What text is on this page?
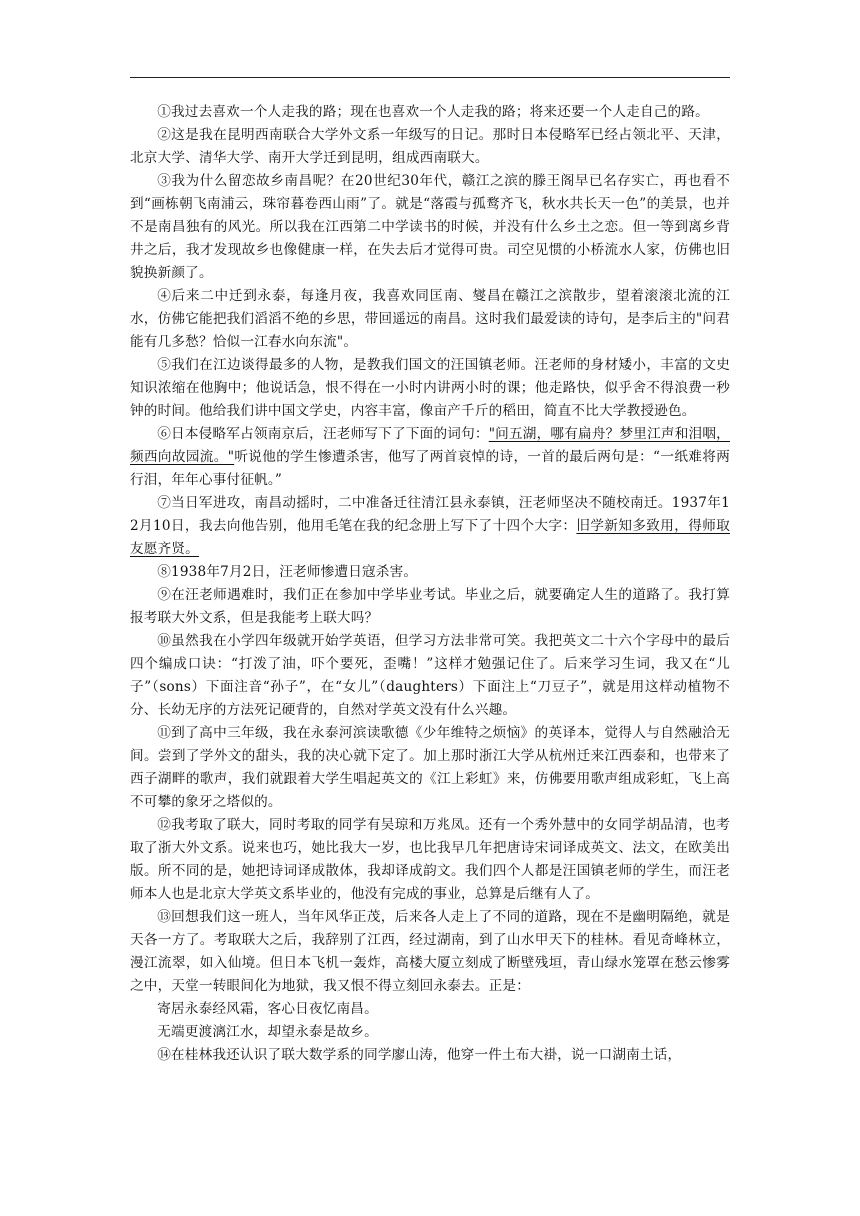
①我过去喜欢一个人走我的路；现在也喜欢一个人走我的路；将来还要一个人走自己的路。

②这是我在昆明西南联合大学外文系一年级写的日记。那时日本侵略军已经占领北平、天津，北京大学、清华大学、南开大学迁到昆明，组成西南联大。

③我为什么留恋故乡南昌呢？在20世纪30年代，赣江之滨的滕王阁早已名存实亡，再也看不到“画栋朝飞南浦云，珠帘暮卷西山雨”了。就是“落霞与孤鹜齐飞，秋水共长天一色”的美景，也并不是南昌独有的风光。所以我在江西第二中学读书的时候，并没有什么乡土之恋。但一等到离乡背井之后，我才发现故乡也像健康一样，在失去后才觉得可贵。司空见惯的小桥流水人家，仿佛也旧貌换新颜了。

④后来二中迁到永泰，每逢月夜，我喜欢同匡南、燮昌在赣江之滨散步，望着滚滚北流的江水，仿佛它能把我们滔滔不绝的乡思，带回遥远的南昌。这时我们最爱读的诗句，是李后主的"问君能有几多愁？恰似一江春水向东流"。

⑤我们在江边谈得最多的人物，是教我们国文的汪国镇老师。汪老师的身材矮小，丰富的文史知识浓缩在他胸中；他说话急，恨不得在一小时内讲两小时的课；他走路快，似乎舍不得浪费一秒钟的时间。他给我们讲中国文学史，内容丰富，像亩产千斤的稻田，简直不比大学教授逊色。

⑥日本侵略军占领南京后，汪老师写下了下面的词句："问五湖，哪有扁舟？梦里江声和泪咽，频西向故园流。"听说他的学生惨遭杀害，他写了两首哀悼的诗，一首的最后两句是：“一纸难将两行泪，年年心事付征帆。”

⑦当日军进攻，南昌动摇时，二中准备迁往清江县永泰镇，汪老师坚决不随校南迁。1937年12月10日，我去向他告别，他用毛笔在我的纪念册上写下了十四个大字：旧学新知多致用，得师取友愿齐贤。

⑧1938年7月2日，汪老师惨遭日寇杀害。

⑨在汪老师遇难时，我们正在参加中学毕业考试。毕业之后，就要确定人生的道路了。我打算报考联大外文系，但是我能考上联大吗？

⑩虽然我在小学四年级就开始学英语，但学习方法非常可笑。我把英文二十六个字母中的最后四个编成口诀：“打泼了油，吓个要死，歪嘴！”这样才勉强记住了。后来学习生词，我又在“儿子”（sons）下面注音“孙子”，在“女儿”（daughters）下面注上“刀豆子”，就是用这样动植物不分、长幼无序的方法死记硬背的，自然对学英文没有什么兴趣。

⑪到了高中三年级，我在永泰河滨读歌德《少年维特之烦恼》的英译本，觉得人与自然融洽无间。尝到了学外文的甜头，我的决心就下定了。加上那时浙江大学从杭州迁来江西泰和，也带来了西子湖畔的歌声，我们就跟着大学生唱起英文的《江上彩虹》来，仿佛要用歌声组成彩虹，飞上高不可攀的象牙之塔似的。

⑫我考取了联大，同时考取的同学有吴琼和万兆凤。还有一个秀外慧中的女同学胡品清，也考取了浙大外文系。说来也巧，她比我大一岁，也比我早几年把唐诗宋词译成英文、法文，在欧美出版。所不同的是，她把诗词译成散体，我却译成韵文。我们四个人都是汪国镇老师的学生，而汪老师本人也是北京大学英文系毕业的，他没有完成的事业，总算是后继有人了。

⑬回想我们这一班人，当年风华正茂，后来各人走上了不同的道路，现在不是幽明隔绝，就是天各一方了。考取联大之后，我辞别了江西，经过湖南，到了山水甲天下的桂林。看见奇峰林立，漫江流翠，如入仙境。但日本飞机一轰炸，高楼大厦立刻成了断壁残垣，青山绿水笼罩在愁云惨雾之中，天堂一转眼间化为地狱，我又恨不得立刻回永泰去。正是：

寄居永泰经风霜，客心日夜忆南昌。

无端更渡漓江水，却望永泰是故乡。

⑭在桂林我还认识了联大数学系的同学廖山涛，他穿一件土布大褂，说一口湖南土话，
